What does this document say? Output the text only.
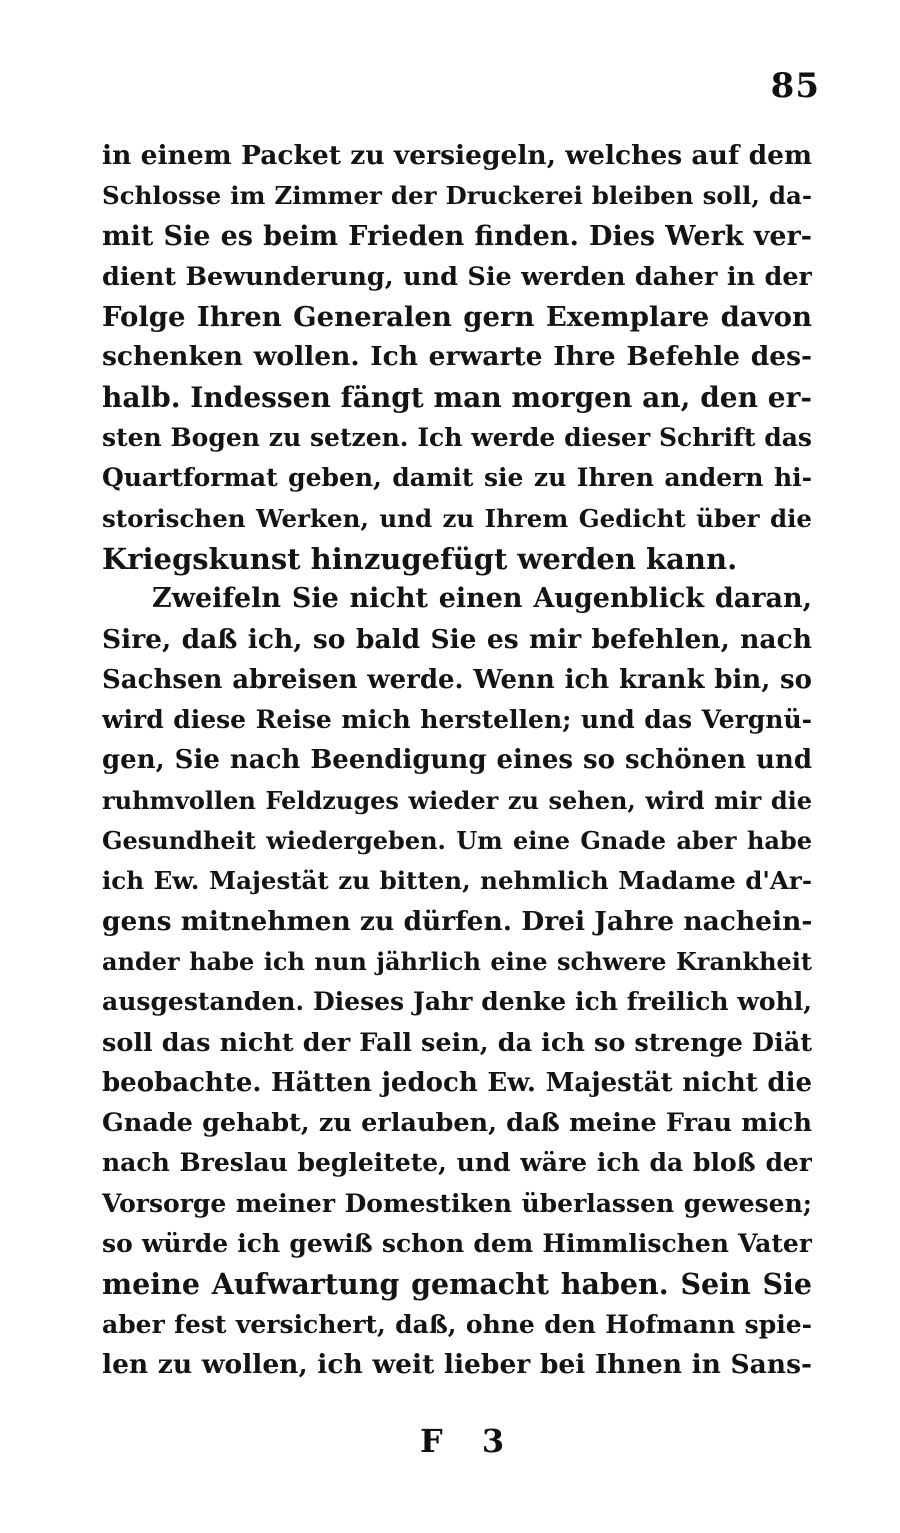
85
in einem Packet zu versiegeln, welches auf dem
Schlosse im Zimmer der Druckerei bleiben soll, da-
mit Sie es beim Frieden finden. Dies Werk ver-
dient Bewunderung, und Sie werden daher in der
Folge Ihren Generalen gern Exemplare davon
schenken wollen. Ich erwarte Ihre Befehle des-
halb. Indessen fängt man morgen an, den er-
sten Bogen zu setzen. Ich werde dieser Schrift das
Quartformat geben, damit sie zu Ihren andern hi-
storischen Werken, und zu Ihrem Gedicht über die
Kriegskunst hinzugefügt werden kann.
Zweifeln Sie nicht einen Augenblick daran,
Sire, daß ich, so bald Sie es mir befehlen, nach
Sachsen abreisen werde. Wenn ich krank bin, so
wird diese Reise mich herstellen; und das Vergnü-
gen, Sie nach Beendigung eines so schönen und
ruhmvollen Feldzuges wieder zu sehen, wird mir die
Gesundheit wiedergeben. Um eine Gnade aber habe
ich Ew. Majestät zu bitten, nehmlich Madame d'Ar-
gens mitnehmen zu dürfen. Drei Jahre nachein-
ander habe ich nun jährlich eine schwere Krankheit
ausgestanden. Dieses Jahr denke ich freilich wohl,
soll das nicht der Fall sein, da ich so strenge Diät
beobachte. Hätten jedoch Ew. Majestät nicht die
Gnade gehabt, zu erlauben, daß meine Frau mich
nach Breslau begleitete, und wäre ich da bloß der
Vorsorge meiner Domestiken überlassen gewesen;
so würde ich gewiß schon dem Himmlischen Vater
meine Aufwartung gemacht haben. Sein Sie
aber fest versichert, daß, ohne den Hofmann spie-
len zu wollen, ich weit lieber bei Ihnen in Sans-
F 3
